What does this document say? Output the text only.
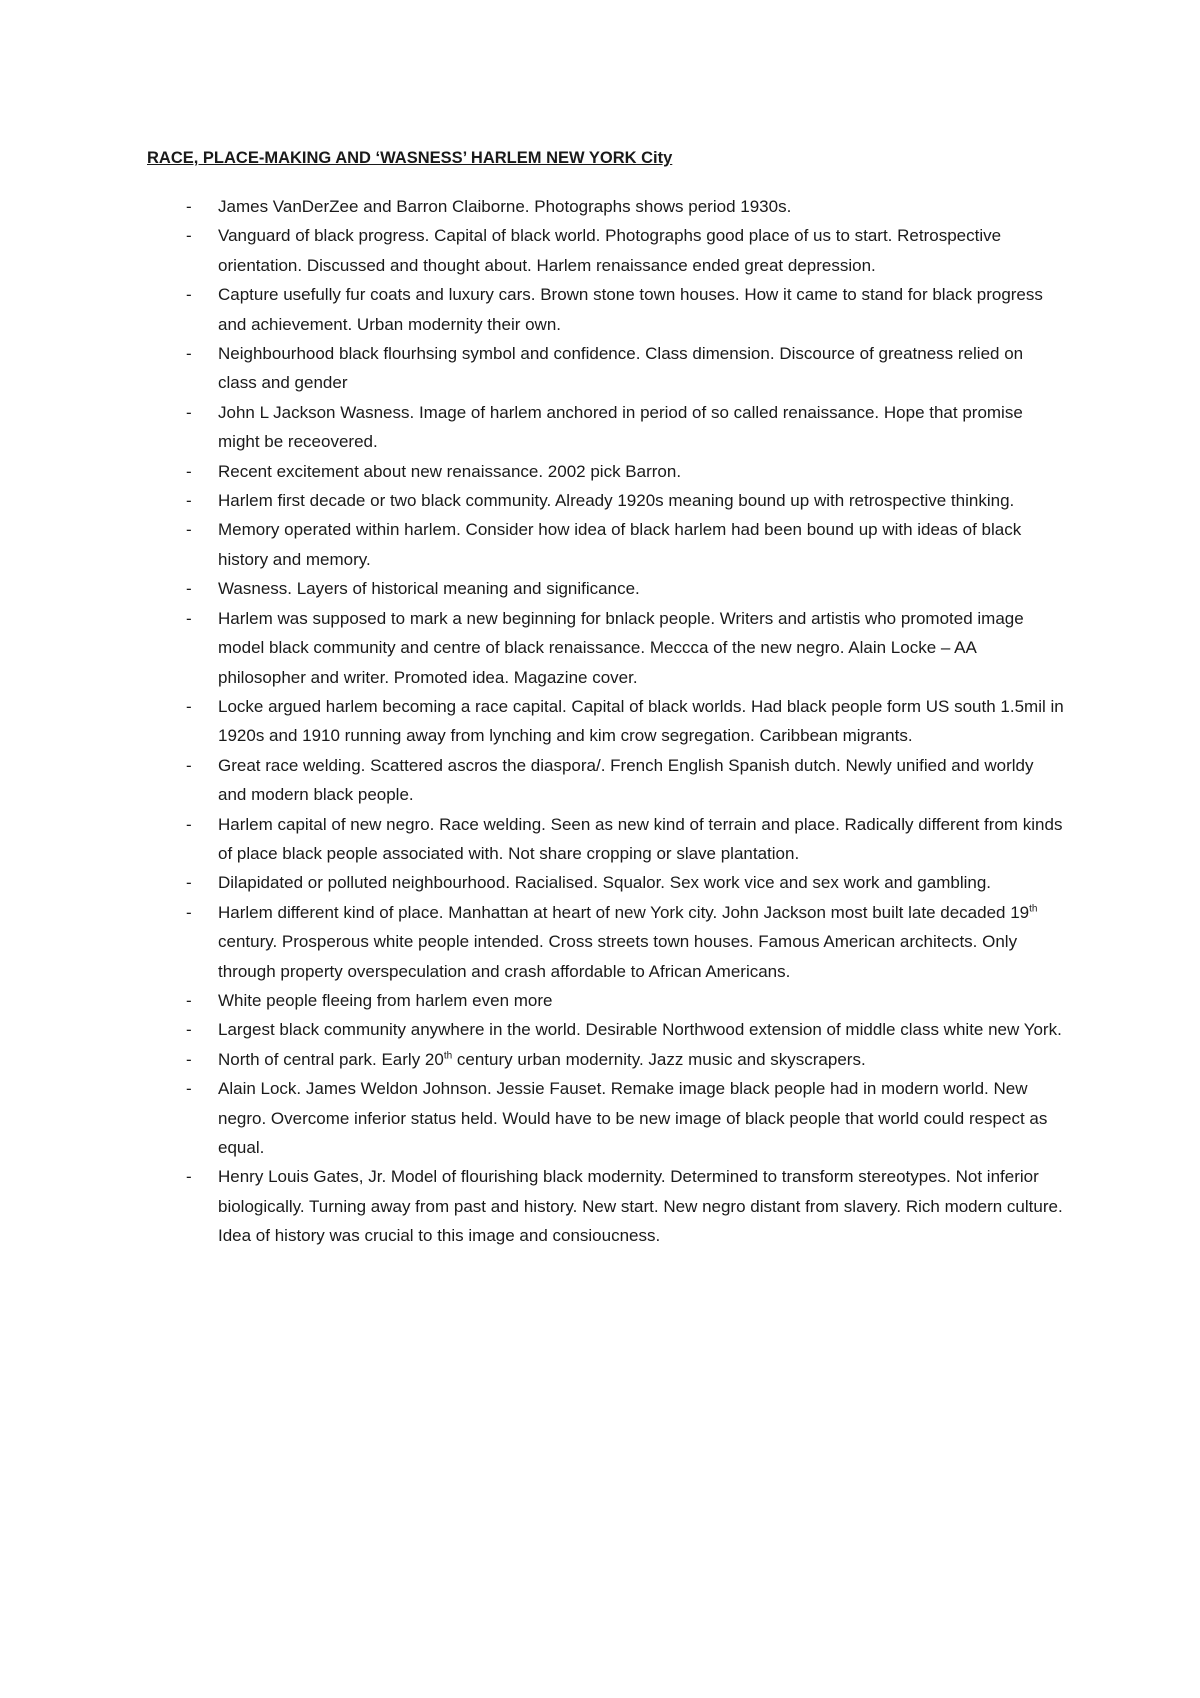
RACE, PLACE-MAKING AND ‘WASNESS’ HARLEM NEW YORK City
- James VanDerZee and Barron Claiborne. Photographs shows period 1930s.
- Vanguard of black progress. Capital of black world. Photographs good place of us to start. Retrospective orientation. Discussed and thought about. Harlem renaissance ended great depression.
- Capture usefully fur coats and luxury cars. Brown stone town houses. How it came to stand for black progress and achievement. Urban modernity their own.
- Neighbourhood black flourhsing symbol and confidence. Class dimension. Discource of greatness relied on class and gender
- John L Jackson Wasness. Image of harlem anchored in period of so called renaissance. Hope that promise might be receovered.
- Recent excitement about new renaissance. 2002 pick Barron.
- Harlem first decade or two black community. Already 1920s meaning bound up with retrospective thinking.
- Memory operated within harlem. Consider how idea of black harlem had been bound up with ideas of black history and memory.
- Wasness. Layers of historical meaning and significance.
- Harlem was supposed to mark a new beginning for bnlack people. Writers and artistis who promoted image model black community and centre of black renaissance. Meccca of the new negro. Alain Locke – AA philosopher and writer. Promoted idea. Magazine cover.
- Locke argued harlem becoming a race capital. Capital of black worlds. Had black people form US south 1.5mil in 1920s and 1910 running away from lynching and kim crow segregation. Caribbean migrants.
- Great race welding. Scattered ascros the diaspora/. French English Spanish dutch. Newly unified and worldy and modern black people.
- Harlem capital of new negro. Race welding. Seen as new kind of terrain and place. Radically different from kinds of place black people associated with. Not share cropping or slave plantation.
- Dilapidated or polluted neighbourhood. Racialised. Squalor. Sex work vice and sex work and gambling.
- Harlem different kind of place. Manhattan at heart of new York city. John Jackson most built late decaded 19th century. Prosperous white people intended. Cross streets town houses. Famous American architects. Only through property overspeculation and crash affordable to African Americans.
- White people fleeing from harlem even more
- Largest black community anywhere in the world. Desirable Northwood extension of middle class white new York.
- North of central park. Early 20th century urban modernity. Jazz music and skyscrapers.
- Alain Lock. James Weldon Johnson. Jessie Fauset. Remake image black people had in modern world. New negro. Overcome inferior status held. Would have to be new image of black people that world could respect as equal.
- Henry Louis Gates, Jr. Model of flourishing black modernity. Determined to transform stereotypes. Not inferior biologically. Turning away from past and history. New start. New negro distant from slavery. Rich modern culture. Idea of history was crucial to this image and consioucness.
